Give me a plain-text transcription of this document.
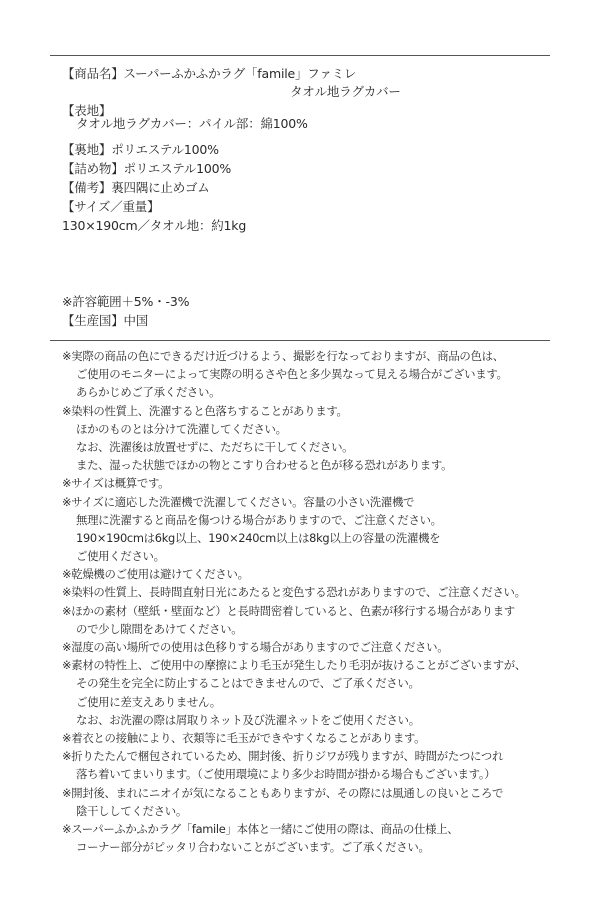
【商品名】スーパーふかふかラグ「famile」ファミレ
タオル地ラグカバー
【表地】
タオル地ラグカバー：パイル部：綿100%
【裏地】ポリエステル100%
【詰め物】ポリエステル100%
【備考】裏四隅に止めゴム
【サイズ／重量】
130×190cm／タオル地：約1kg
※許容範囲＋5%・-3%
【生産国】中国
※実際の商品の色にできるだけ近づけるよう、撮影を行なっておりますが、商品の色は、
ご使用のモニターによって実際の明るさや色と多少異なって見える場合がございます。
あらかじめご了承ください。
※染料の性質上、洗濯すると色落ちすることがあります。
ほかのものとは分けて洗濯してください。
なお、洗濯後は放置せずに、ただちに干してください。
また、湿った状態でほかの物とこすり合わせると色が移る恐れがあります。
※サイズは概算です。
※サイズに適応した洗濯機で洗濯してください。容量の小さい洗濯機で
無理に洗濯すると商品を傷つける場合がありますので、ご注意ください。
190×190cmは6kg以上、190×240cm以上は8kg以上の容量の洗濯機を
ご使用ください。
※乾燥機のご使用は避けてください。
※染料の性質上、長時間直射日光にあたると変色する恐れがありますので、ご注意ください。
※ほかの素材（壁紙・壁面など）と長時間密着していると、色素が移行する場合があります
ので少し隙間をあけてください。
※湿度の高い場所での使用は色移りする場合がありますのでご注意ください。
※素材の特性上、ご使用中の摩擦により毛玉が発生したり毛羽が抜けることがございますが、
その発生を完全に防止することはできませんので、ご了承ください。
ご使用に差支えありません。
なお、お洗濯の際は屑取りネット及び洗濯ネットをご使用ください。
※着衣との接触により、衣類等に毛玉ができやすくなることがあります。
※折りたたんで梱包されているため、開封後、折りジワが残りますが、時間がたつにつれ
落ち着いてまいります。（ご使用環境により多少お時間が掛かる場合もございます。）
※開封後、まれにニオイが気になることもありますが、その際には風通しの良いところで
陰干ししてください。
※スーパーふかふかラグ「famile」本体と一緒にご使用の際は、商品の仕様上、
コーナー部分がピッタリ合わないことがございます。ご了承ください。
